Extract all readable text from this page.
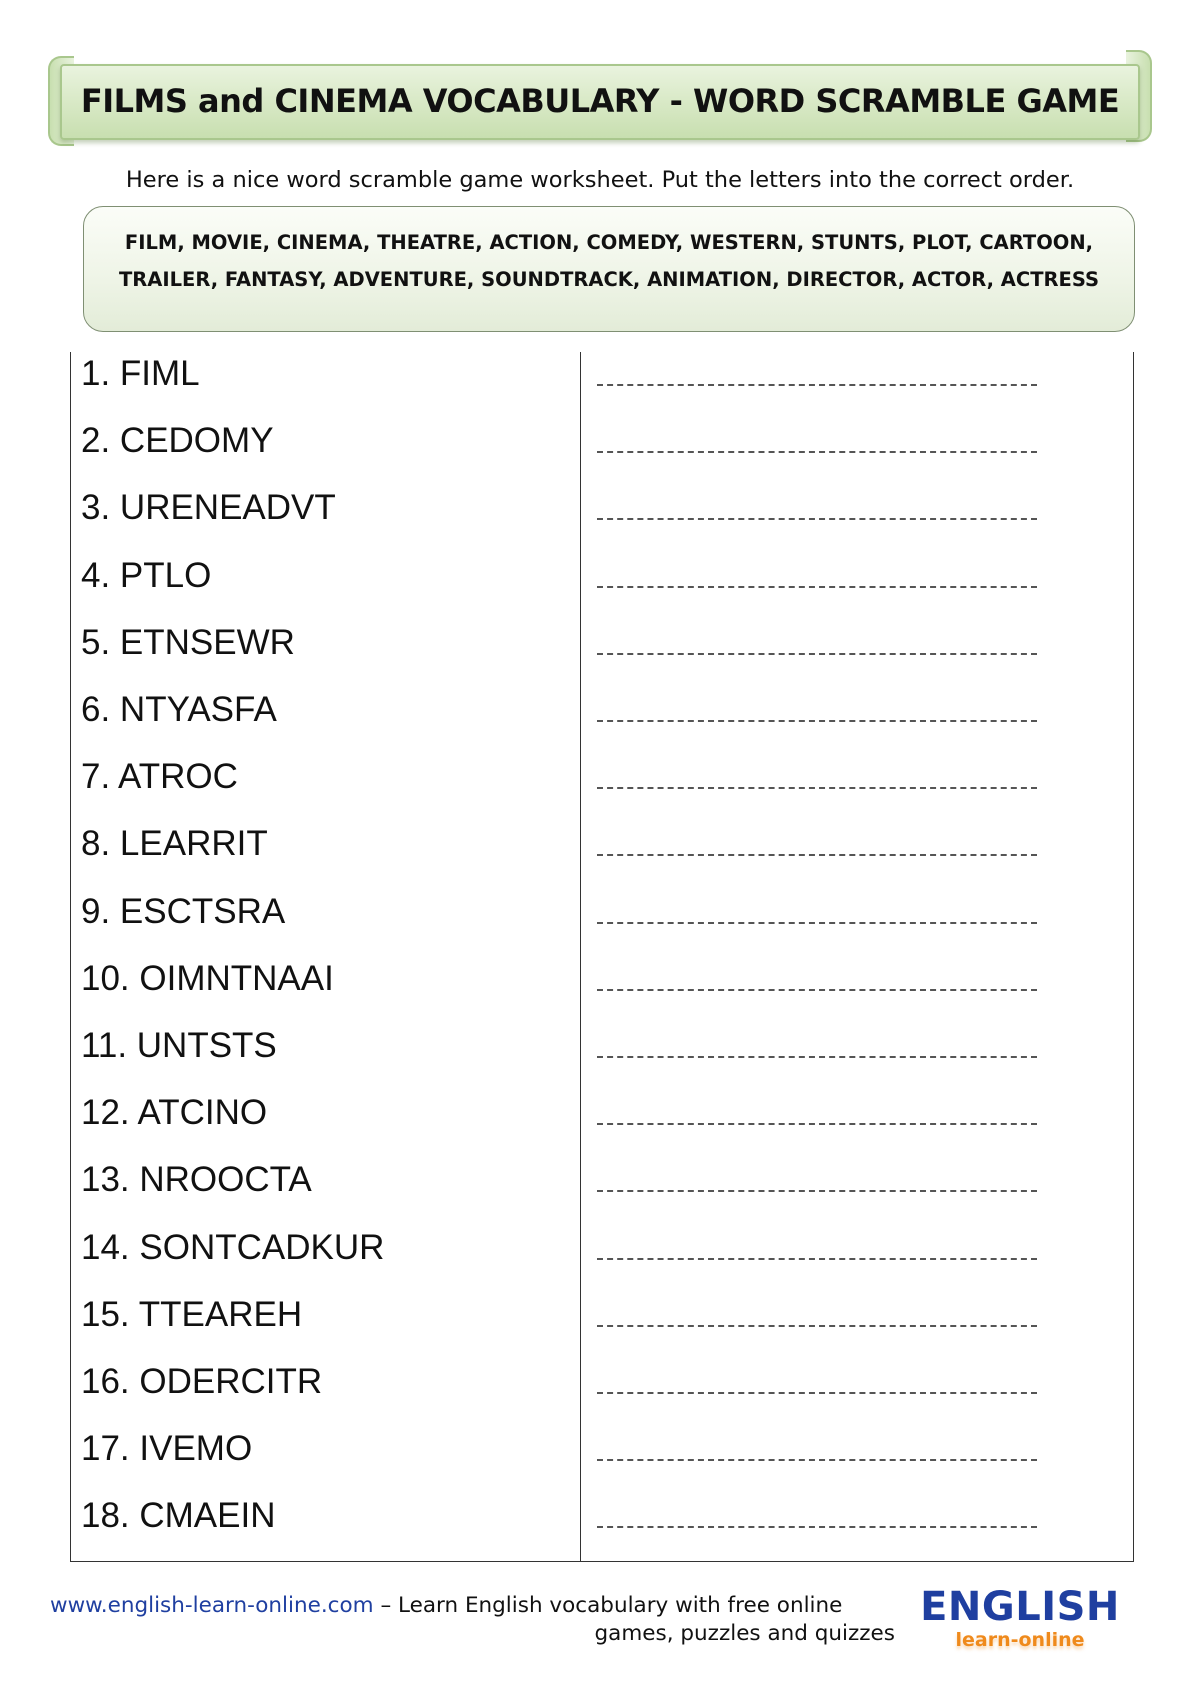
FILMS and CINEMA VOCABULARY - WORD SCRAMBLE GAME
Here is a nice word scramble game worksheet. Put the letters into the correct order.
FILM, MOVIE, CINEMA, THEATRE, ACTION, COMEDY, WESTERN, STUNTS, PLOT, CARTOON,
TRAILER, FANTASY, ADVENTURE, SOUNDTRACK, ANIMATION, DIRECTOR, ACTOR, ACTRESS
1. FIML
2. CEDOMY
3. URENEADVT
4. PTLO
5. ETNSEWR
6. NTYASFA
7. ATROC
8. LEARRIT
9. ESCTSRA
10. OIMNTNAAI
11. UNTSTS
12. ATCINO
13. NROOCTA
14. SONTCADKUR
15. TTEAREH
16. ODERCITR
17. IVEMO
18. CMAEIN
www.english-learn-online.com – Learn English vocabulary with free online
games, puzzles and quizzes
ENGLISH
learn-online
